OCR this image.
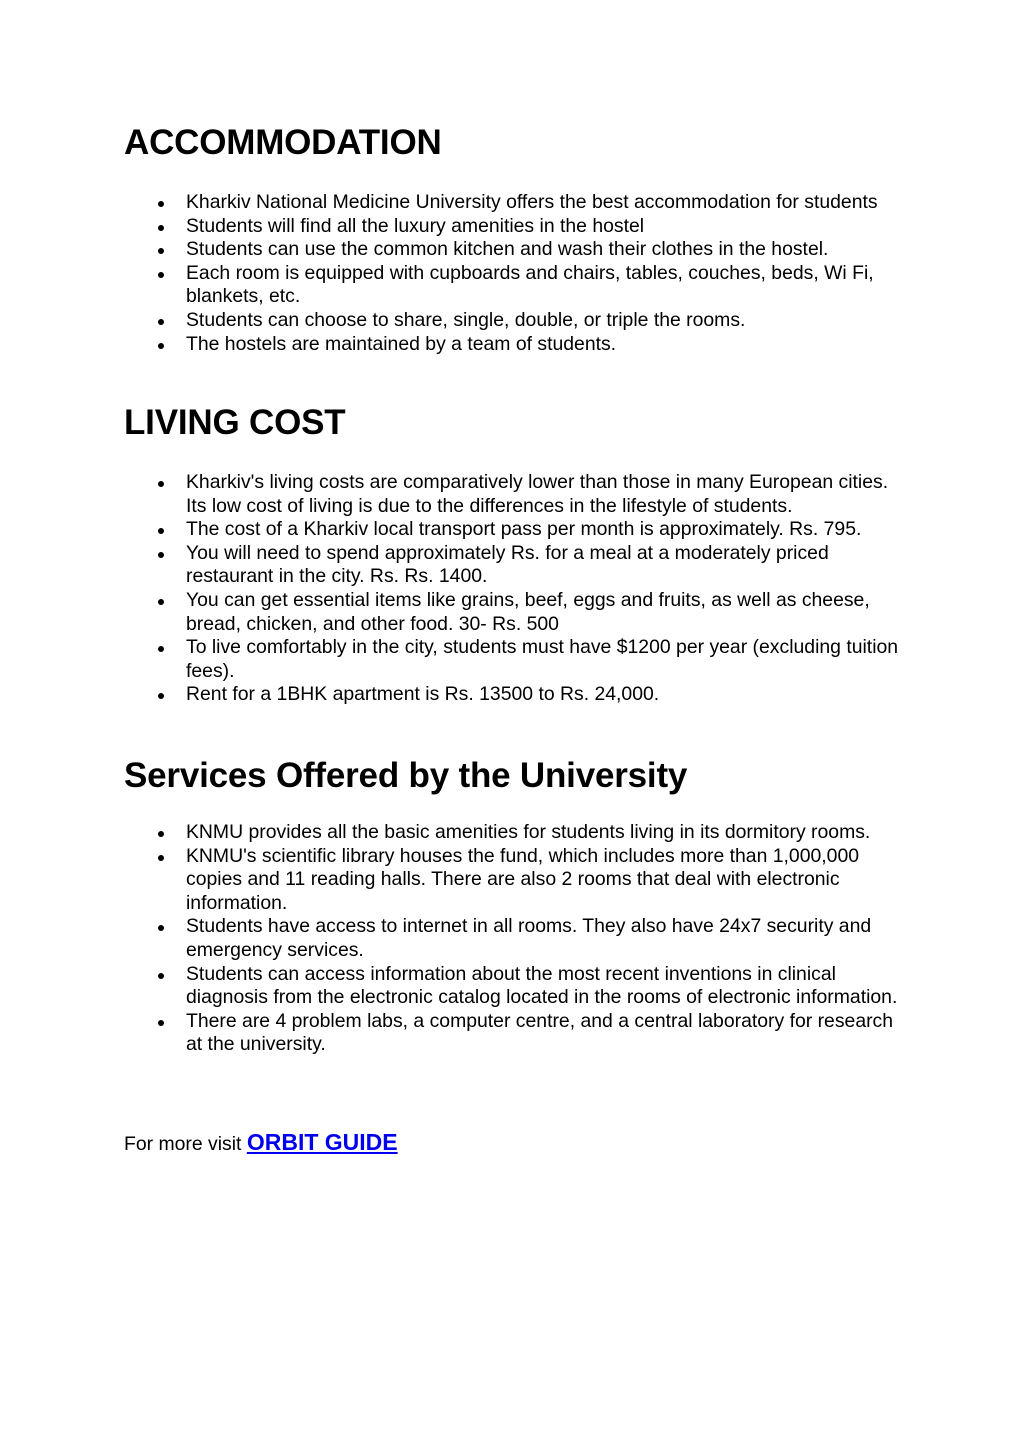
ACCOMMODATION
Kharkiv National Medicine University offers the best accommodation for students
Students will find all the luxury amenities in the hostel
Students can use the common kitchen and wash their clothes in the hostel.
Each room is equipped with cupboards and chairs, tables, couches, beds, Wi Fi, blankets, etc.
Students can choose to share, single, double, or triple the rooms.
The hostels are maintained by a team of students.
LIVING COST
Kharkiv's living costs are comparatively lower than those in many European cities. Its low cost of living is due to the differences in the lifestyle of students.
The cost of a Kharkiv local transport pass per month is approximately. Rs. 795.
You will need to spend approximately Rs. for a meal at a moderately priced restaurant in the city. Rs. Rs. 1400.
You can get essential items like grains, beef, eggs and fruits, as well as cheese, bread, chicken, and other food. 30- Rs. 500
To live comfortably in the city, students must have $1200 per year (excluding tuition fees).
Rent for a 1BHK apartment is Rs. 13500 to Rs. 24,000.
Services Offered by the University
KNMU provides all the basic amenities for students living in its dormitory rooms.
KNMU's scientific library houses the fund, which includes more than 1,000,000 copies and 11 reading halls. There are also 2 rooms that deal with electronic information.
Students have access to internet in all rooms. They also have 24x7 security and emergency services.
Students can access information about the most recent inventions in clinical diagnosis from the electronic catalog located in the rooms of electronic information.
There are 4 problem labs, a computer centre, and a central laboratory for research at the university.
For more visit ORBIT GUIDE
